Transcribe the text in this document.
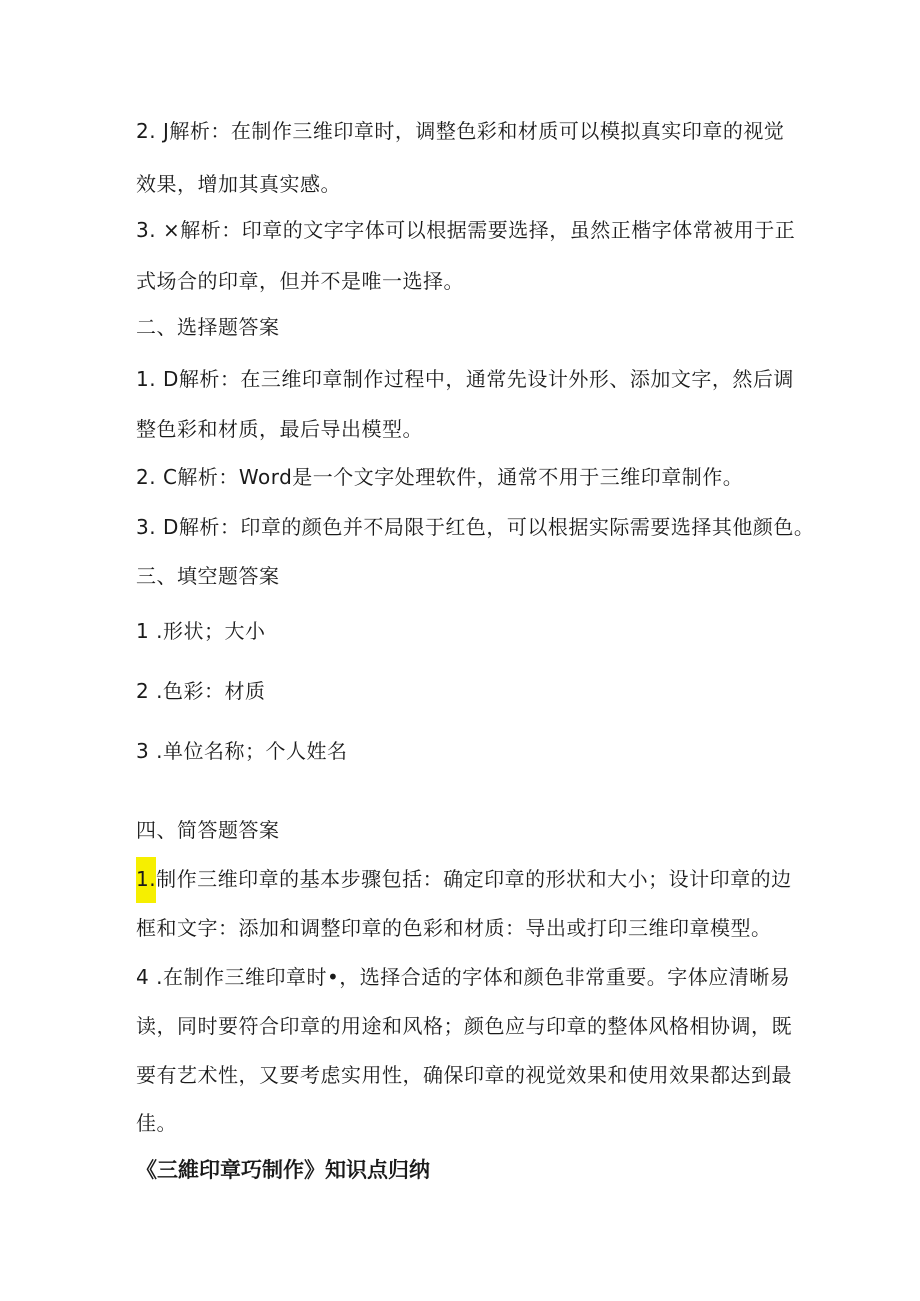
2. J解析：在制作三维印章时，调整色彩和材质可以模拟真实印章的视觉
效果，增加其真实感。
3. ×解析：印章的文字字体可以根据需要选择，虽然正楷字体常被用于正
式场合的印章，但并不是唯一选择。
二、选择题答案
1. D解析：在三维印章制作过程中，通常先设计外形、添加文字，然后调
整色彩和材质，最后导出模型。
2. C解析：Word是一个文字处理软件，通常不用于三维印章制作。
3. D解析：印章的颜色并不局限于红色，可以根据实际需要选择其他颜色。
三、填空题答案
1 .形状；大小
2 .色彩：材质
3 .单位名称；个人姓名
四、简答题答案
1.制作三维印章的基本步骤包括：确定印章的形状和大小；设计印章的边
框和文字：添加和调整印章的色彩和材质：导出或打印三维印章模型。
4 .在制作三维印章时•，选择合适的字体和颜色非常重要。字体应清晰易
读，同时要符合印章的用途和风格；颜色应与印章的整体风格相协调，既
要有艺术性，又要考虑实用性，确保印章的视觉效果和使用效果都达到最
佳。
《三維印章巧制作》知识点归纳
